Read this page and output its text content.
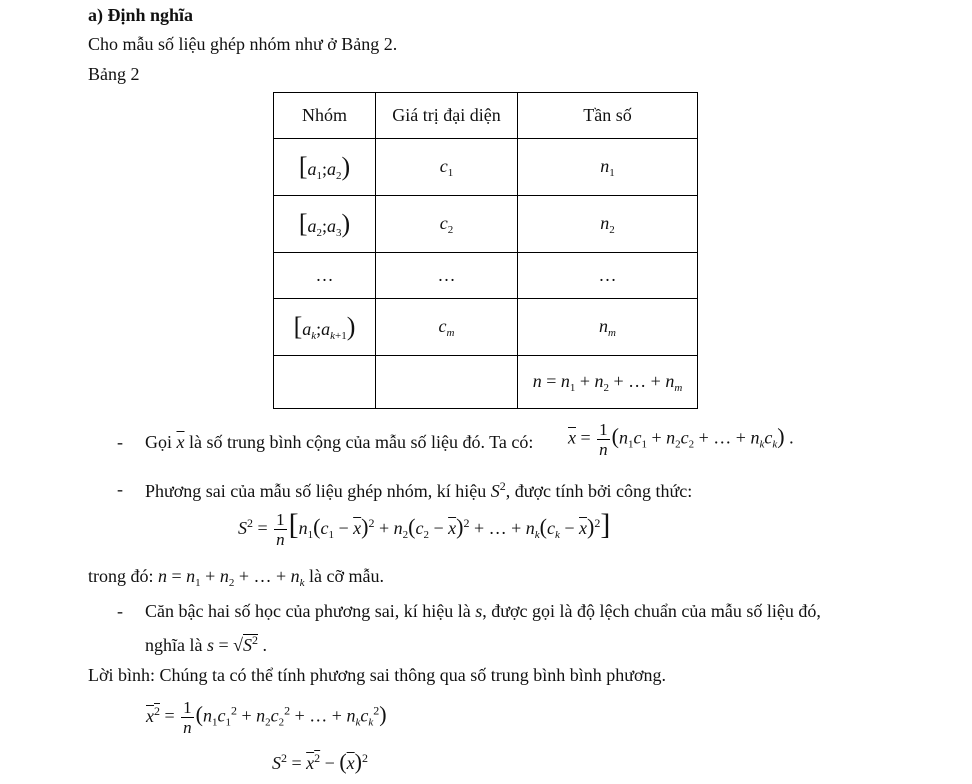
a) Định nghĩa
Cho mẫu số liệu ghép nhóm như ở Bảng 2.
Bảng 2
Nhóm	Giá trị đại diện	Tần số
$[a_1;a_2)$	$c_1$	$n_1$
$[a_2;a_3)$	$c_2$	$n_2$
…	…	…
$[a_k;a_{k+1})$	$c_m$	$n_m$
		$n = n_1 + n_2$ + … + $n_m$
- Gọi $\overline{x}$ là số trung bình cộng của mẫu số liệu đó. Ta có: $\overline{x} = \frac{1}{n} (n_1c_1 + n_2c_2$ + … + $n_kc_k$) .
- Phương sai của mẫu số liệu ghép nhóm, kí hiệu $S^2$, được tính bởi công thức:
$S^2 = \frac{1}{n} [n_1(c_1 - \overline{x})^2 + n_2(c_2 - \overline{x})^2$ + … + $n_k(c_k - \overline{x})^2$]
trong đó: $n = n_1 + n_2$ + … + $n_k$ là cỡ mẫu.
- Căn bậc hai số học của phương sai, kí hiệu là s, được gọi là độ lệch chuẩn của mẫu số liệu đó,
nghĩa là $s = √S^2$ .
Lời bình: Chúng ta có thể tính phương sai thông qua số trung bình bình phương.
$x^2 = \frac{1}{n} (n_1c_1^2 + n_2c_2^2$ + … + $n_kc_k^2$)
$S^2 = x^2 - (\overline{x})^2$
